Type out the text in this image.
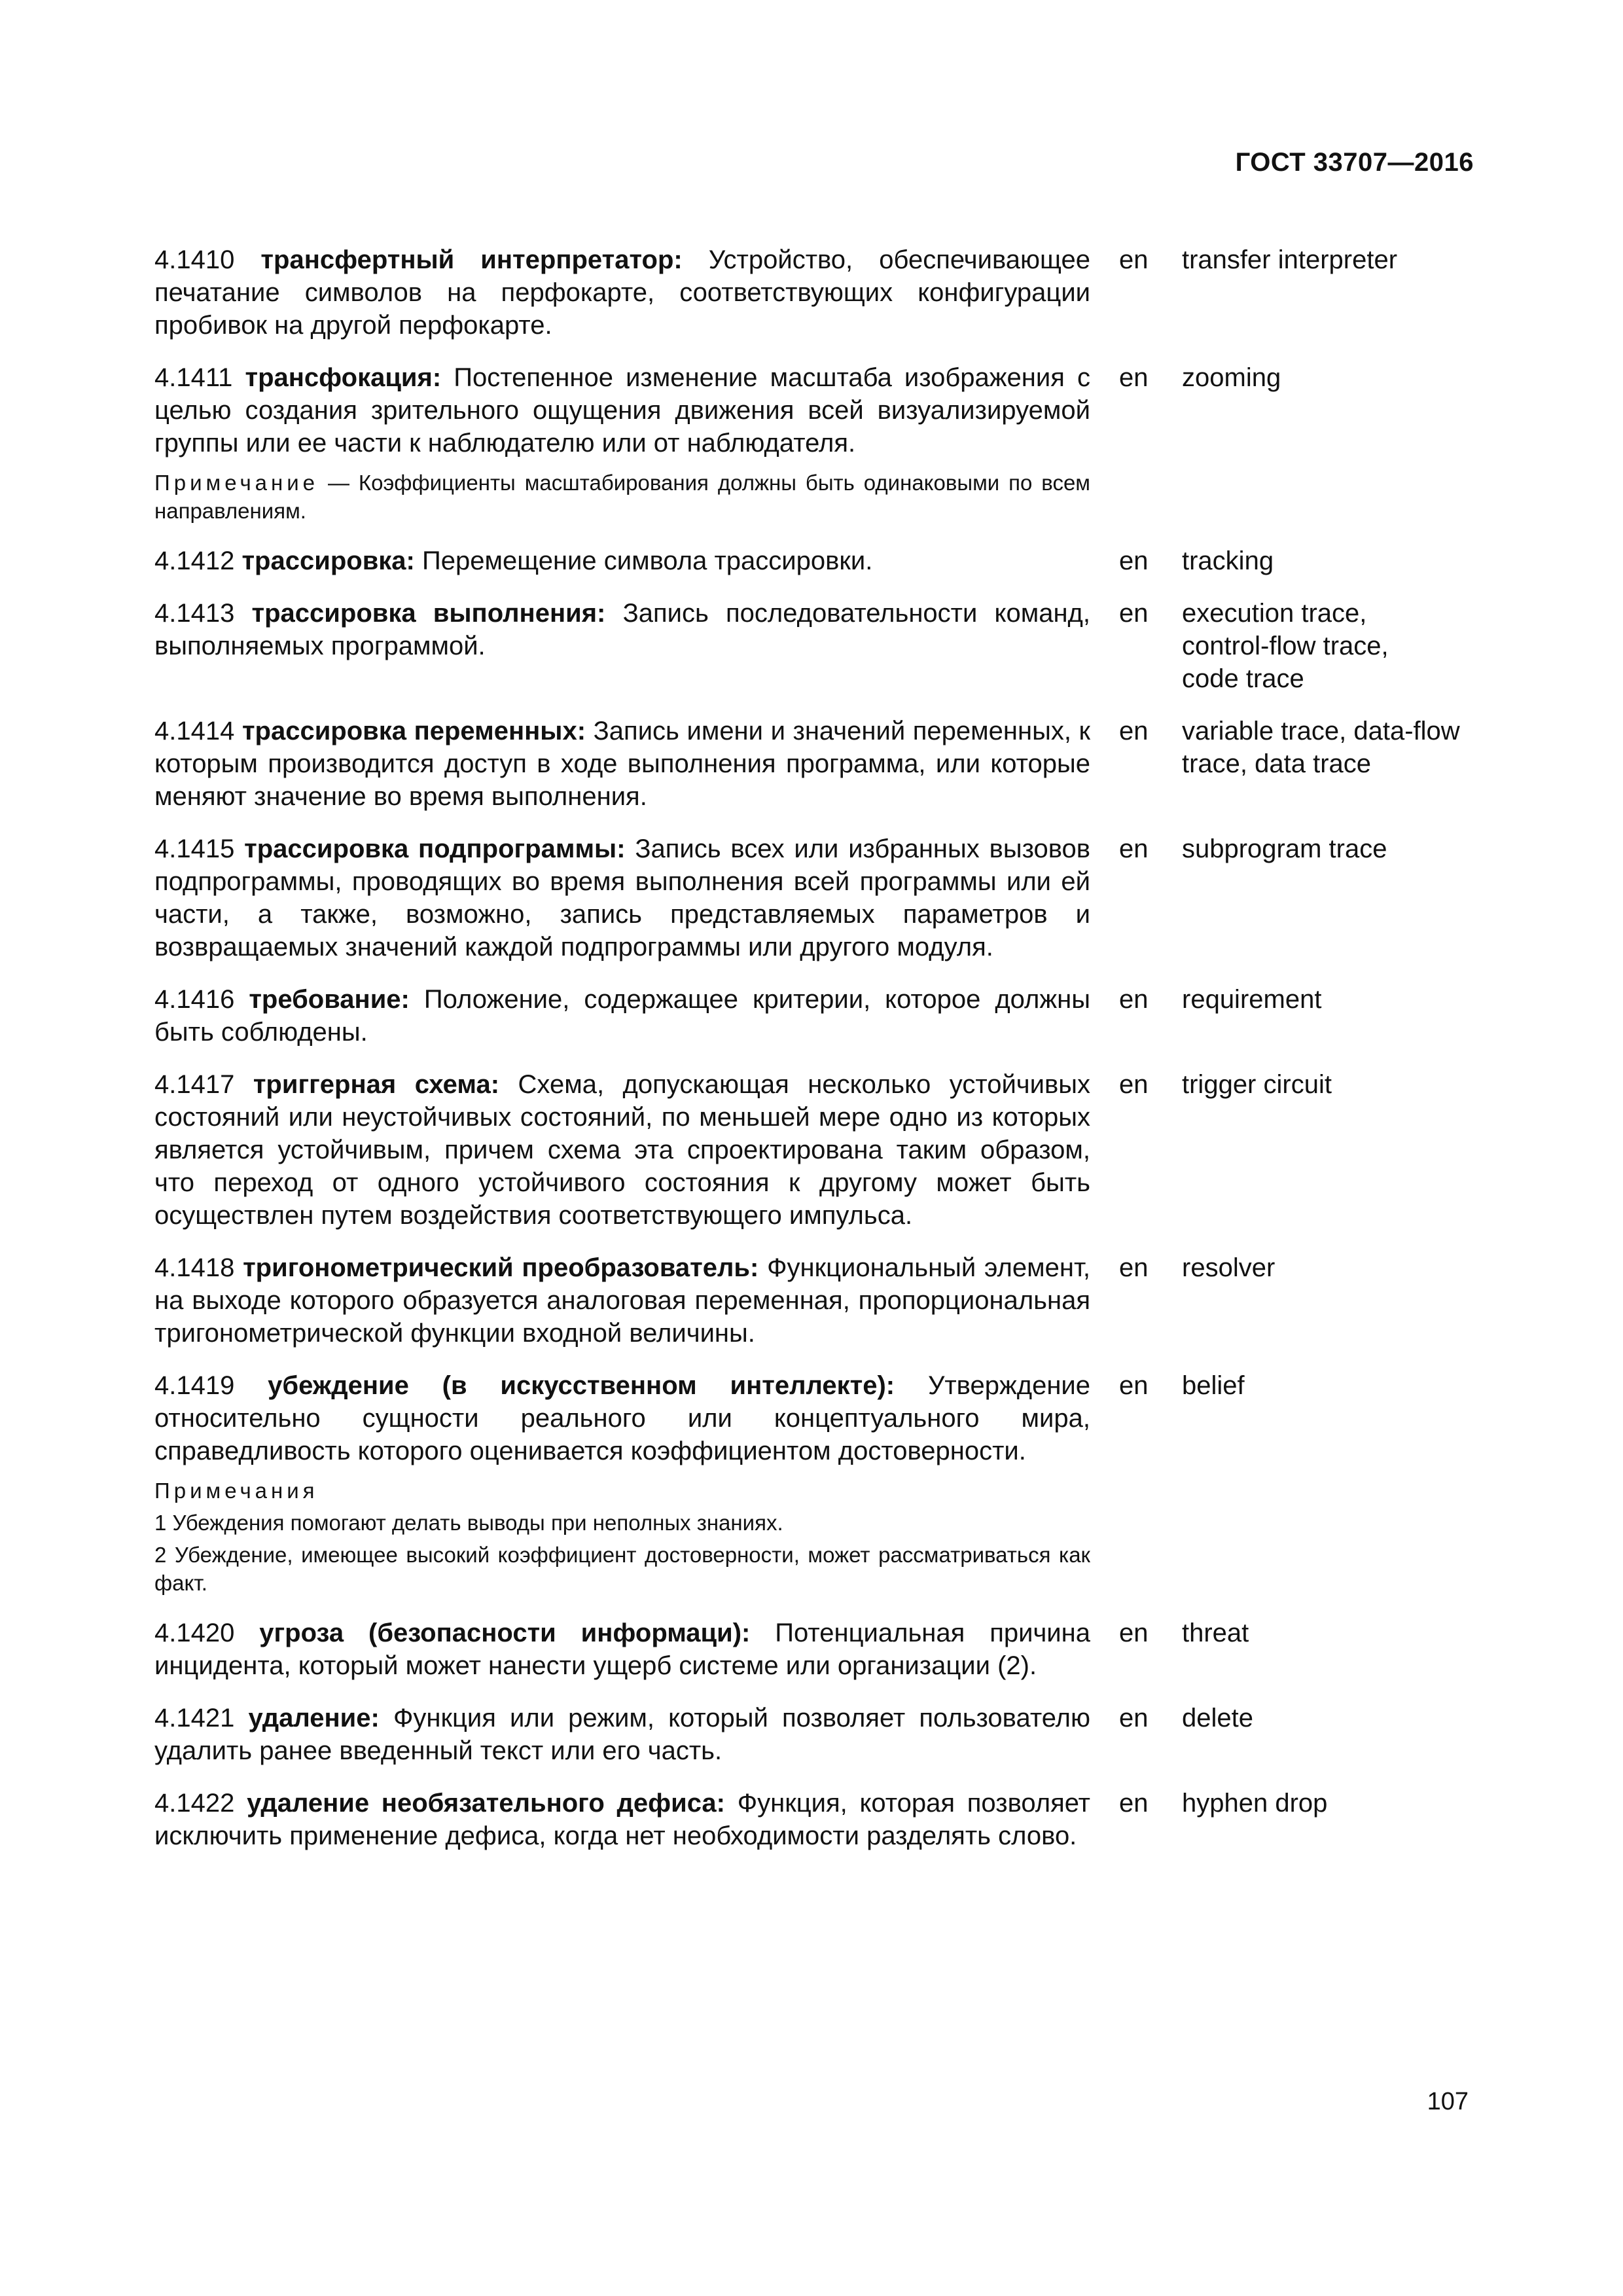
ГОСТ 33707—2016
4.1410 трансфертный интерпретатор: Устройство, обеспечивающее печатание символов на перфокарте, соответствующих конфигурации пробивок на другой перфокарте.
en	transfer interpreter
4.1411 трансфокация: Постепенное изменение масштаба изображения с целью создания зрительного ощущения движения всей визуализируемой группы или ее части к наблюдателю или от наблюдателя.
Примечание — Коэффициенты масштабирования должны быть одинаковыми по всем направлениям.
en	zooming
4.1412 трассировка: Перемещение символа трассировки.	en	tracking
4.1413 трассировка выполнения: Запись последовательности команд, выполняемых программой.
en	execution trace,
control-flow trace,
code trace
4.1414 трассировка переменных: Запись имени и значений переменных, к которым производится доступ в ходе выполнения программа, или которые меняют значение во время выполнения.
en	variable trace, data-flow
trace, data trace
4.1415 трассировка подпрограммы: Запись всех или избранных вызовов подпрограммы, проводящих во время выполнения всей программы или ей части, а также, возможно, запись представляемых параметров и возвращаемых значений каждой подпрограммы или другого модуля.
en	subprogram trace
4.1416 требование: Положение, содержащее критерии, которое должны быть соблюдены.
en	requirement
4.1417 триггерная схема: Схема, допускающая несколько устойчивых состояний или неустойчивых состояний, по меньшей мере одно из которых является устойчивым, причем схема эта спроектирована таким образом, что переход от одного устойчивого состояния к другому может быть осуществлен путем воздействия соответствующего импульса.
en	trigger circuit
4.1418 тригонометрический преобразователь: Функциональный элемент, на выходе которого образуется аналоговая переменная, пропорциональная тригонометрической функции входной величины.
en	resolver
4.1419 убеждение (в искусственном интеллекте): Утверждение относительно сущности реального или концептуального мира, справедливость которого оценивается коэффициентом достоверности.
Примечания
1 Убеждения помогают делать выводы при неполных знаниях.
2 Убеждение, имеющее высокий коэффициент достоверности, может рассматриваться как факт.
en	belief
4.1420 угроза (безопасности информаци): Потенциальная причина инцидента, который может нанести ущерб системе или организации (2).
en	threat
4.1421 удаление: Функция или режим, который позволяет пользователю удалить ранее введенный текст или его часть.
en	delete
4.1422 удаление необязательного дефиса: Функция, которая позволяет исключить применение дефиса, когда нет необходимости разделять слово.
en	hyphen drop
107
